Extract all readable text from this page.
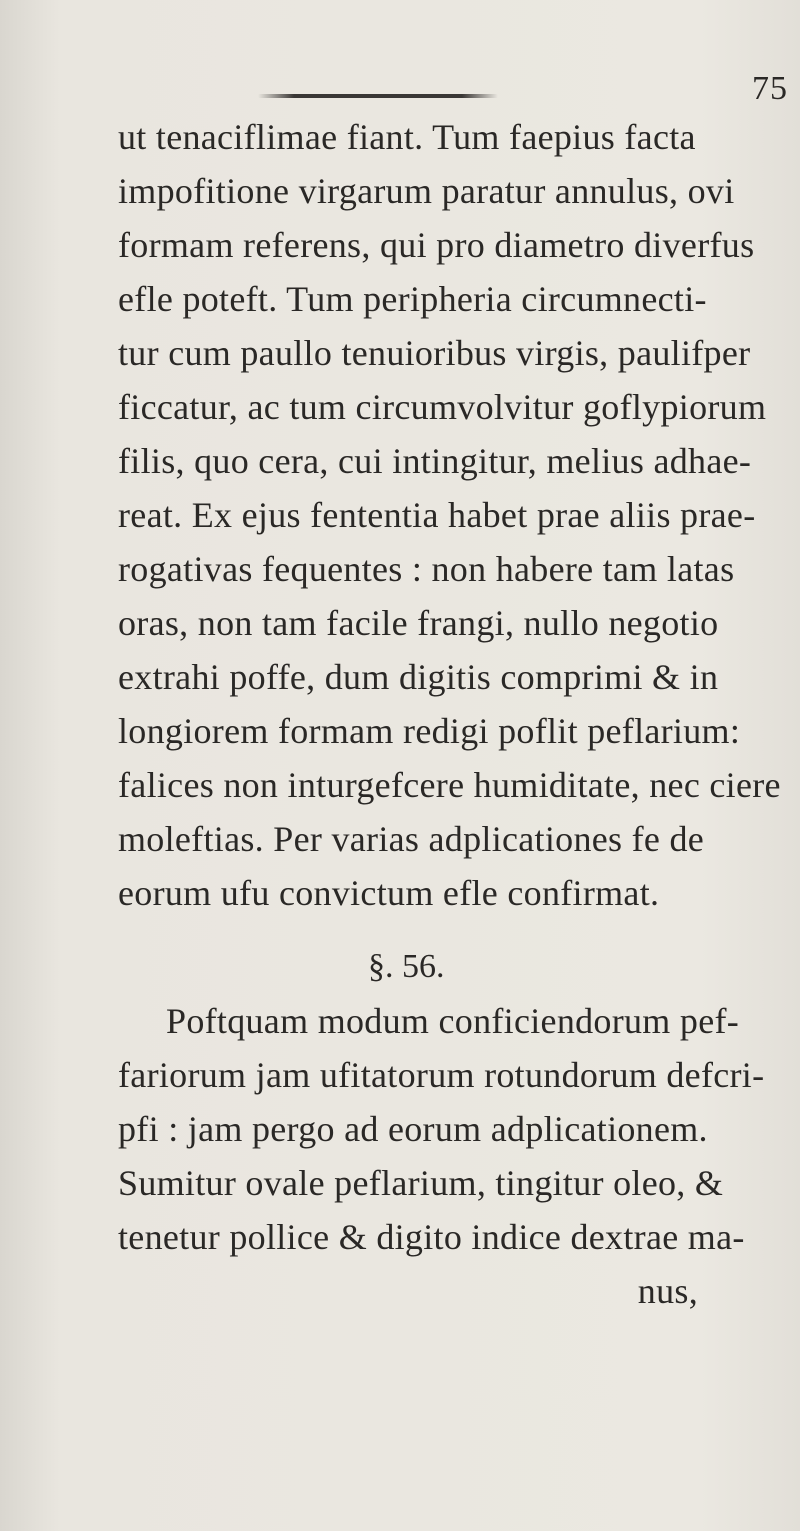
75
ut tenaciflimae fiant. Tum faepius facta
impofitione virgarum paratur annulus, ovi
formam referens, qui pro diametro diverfus
efle poteft. Tum peripheria circumnecti-
tur cum paullo tenuioribus virgis, paulifper
ficcatur, ac tum circumvolvitur goflypiorum
filis, quo cera, cui intingitur, melius adhae-
reat. Ex ejus fententia habet prae aliis prae-
rogativas fequentes : non habere tam latas
oras, non tam facile frangi, nullo negotio
extrahi poffe, dum digitis comprimi & in
longiorem formam redigi poflit peflarium:
falices non inturgefcere humiditate, nec ciere
moleftias. Per varias adplicationes fe de
eorum ufu convictum efle confirmat.
§. 56.
Poftquam modum conficiendorum pef-
fariorum jam ufitatorum rotundorum defcri-
pfi : jam pergo ad eorum adplicationem.
Sumitur ovale peflarium, tingitur oleo, &
tenetur pollice & digito indice dextrae ma-
nus,
